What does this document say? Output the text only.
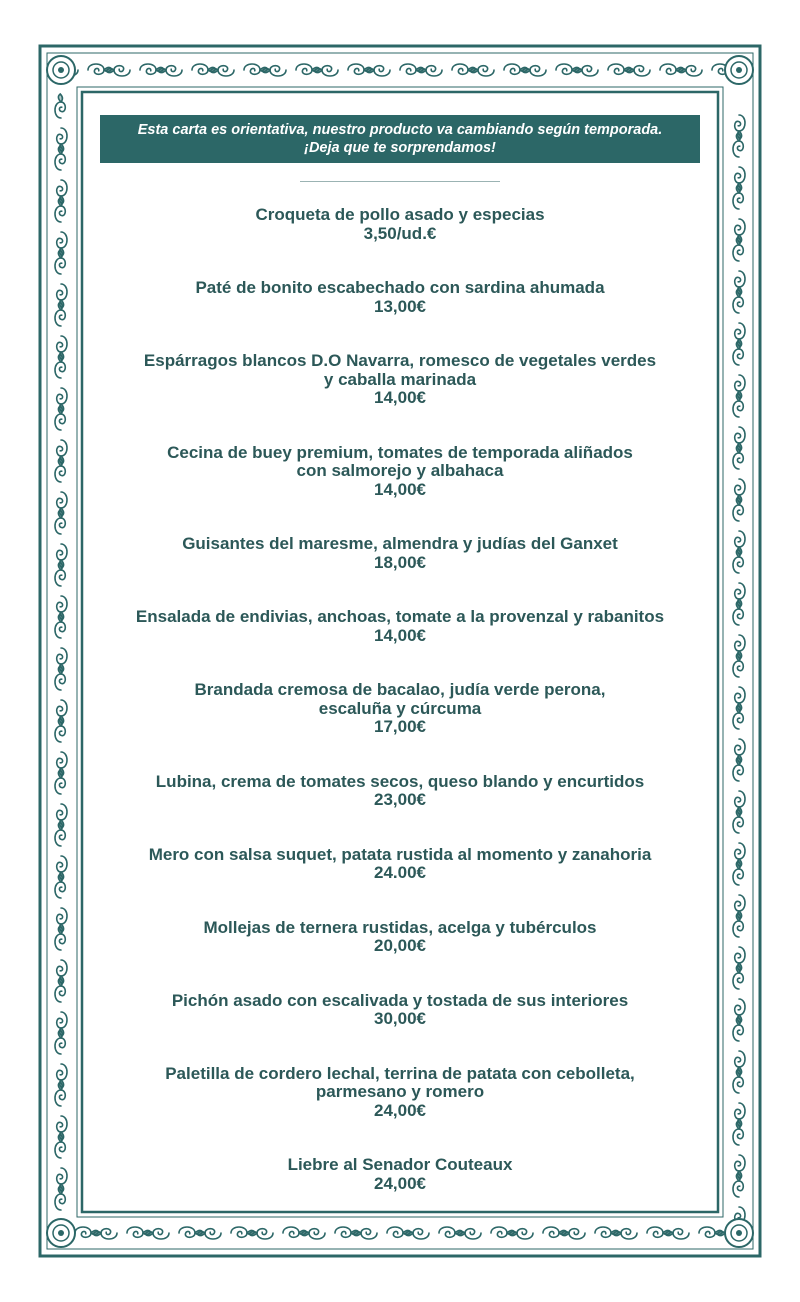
Esta carta es orientativa, nuestro producto va cambiando según temporada.
¡Deja que te sorprendamos!
Croqueta de pollo asado y especias
3,50/ud.€
Paté de bonito escabechado con sardina ahumada
13,00€
Espárragos blancos D.O Navarra, romesco de vegetales verdes
y caballa marinada
14,00€
Cecina de buey premium, tomates de temporada aliñados
con salmorejo y albahaca
14,00€
Guisantes del maresme, almendra y judías del Ganxet
18,00€
Ensalada de endivias, anchoas, tomate a la provenzal y rabanitos
14,00€
Brandada cremosa de bacalao, judía verde perona,
escaluña y cúrcuma
17,00€
Lubina, crema de tomates secos, queso blando y encurtidos
23,00€
Mero con salsa suquet, patata rustida al momento y zanahoria
24.00€
Mollejas de ternera rustidas, acelga y tubérculos
20,00€
Pichón asado con escalivada y tostada de sus interiores
30,00€
Paletilla de cordero lechal, terrina de patata con cebolleta,
parmesano y romero
24,00€
Liebre al Senador Couteaux
24,00€
